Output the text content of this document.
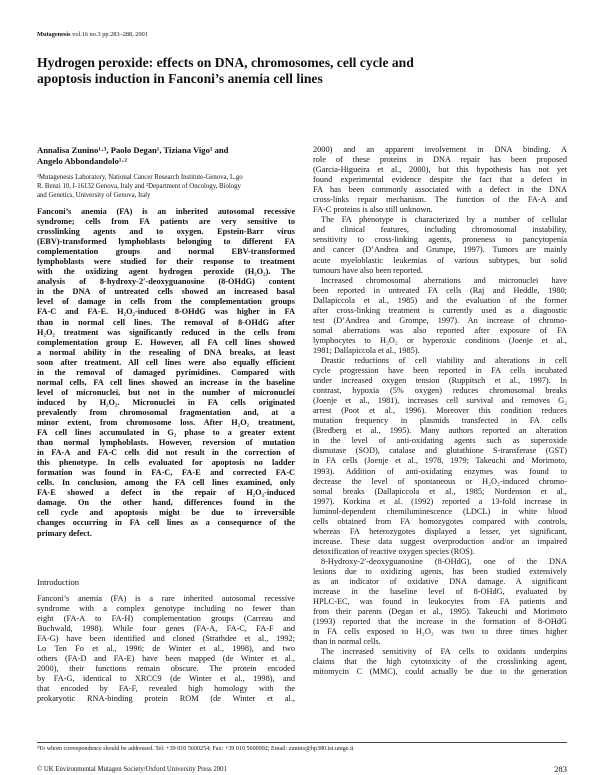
Mutagenesis vol.16 no.3 pp.283–288, 2001
Hydrogen peroxide: effects on DNA, chromosomes, cell cycle and
apoptosis induction in Fanconi’s anemia cell lines

Annalisa Zunino¹·³, Paolo Degan¹, Tiziana Vigo¹ and
Angelo Abbondandolo¹·²

¹Mutagenesis Laboratory, National Cancer Research Institute-Genova, L.go
R. Benzi 10, I-16132 Genova, Italy and ²Department of Oncology, Biology
and Genetics, University of Genova, Italy

Fanconi’s anemia (FA) is an inherited autosomal recessive
syndrome; cells from FA patients are very sensitive to
crosslinking agents and to oxygen. Epstein-Barr virus
(EBV)-transformed lymphoblasts belonging to different FA
complementation groups and normal EBV-transformed
lymphoblasts were studied for their response to treatment
with the oxidizing agent hydrogen peroxide (H₂O₂). The
analysis of 8-hydroxy-2′-deoxyguanosine (8-OHdG) content
in the DNA of untreated cells showed an increased basal
level of damage in cells from the complementation groups
FA-C and FA-E. H₂O₂-induced 8-OHdG was higher in FA
than in normal cell lines. The removal of 8-OHdG after
H₂O₂ treatment was significantly reduced in the cells from
complementation group E. However, all FA cell lines showed
a normal ability in the resealing of DNA breaks, at least
soon after treatment. All cell lines were also equally efficient
in the removal of damaged pyrimidines. Compared with
normal cells, FA cell lines showed an increase in the baseline
level of micronuclei, but not in the number of micronuclei
induced by H₂O₂. Micronuclei in FA cells originated
prevalently from chromosomal fragmentation and, at a
minor extent, from chromosome loss. After H₂O₂ treatment,
FA cell lines accumulated in G₂ phase to a greater extent
than normal lymphoblasts. However, reversion of mutation
in FA-A and FA-C cells did not result in the correction of
this phenotype. In cells evaluated for apoptosis no ladder
formation was found in FA-C, FA-E and corrected FA-C
cells. In conclusion, among the FA cell lines examined, only
FA-E showed a defect in the repair of H₂O₂-induced
damage. On the other hand, differences found in the
cell cycle and apoptosis might be due to irreversible
changes occurring in FA cell lines as a consequence of the
primary defect.

Introduction

Fanconi’s anemia (FA) is a rare inherited autosomal recessive
syndrome with a complex genotype including no fewer than
eight (FA-A to FA-H) complementation groups (Carreau and
Buchwald, 1998). While four genes (FA-A, FA-C, FA-F and
FA-G) have been identified and cloned (Strathdee et al., 1992;
Lo Ten Fo et al., 1996; de Winter et al., 1998), and two
others (FA-D and FA-E) have been mapped (de Winter et al.,
2000), their functions remain obscure. The protein encoded
by FA-G, identical to XRCC9 (de Winter et al., 1998), and
that encoded by FA-F, revealed high homology with the
prokaryotic RNA-binding protein ROM (de Winter et al.,
2000) and an apparent involvement in DNA binding. A
role of these proteins in DNA repair has been proposed
(Garcia-Higueira et al., 2000), but this hypothesis has not yet
found experimental evidence despite the fact that a defect in
FA has been commonly associated with a defect in the DNA
cross-links repair mechanism. The function of the FA-A and
FA-C proteins is also still unknown.
The FA phenotype is characterized by a number of cellular
and clinical features, including chromosomal instability,
sensitivity to cross-linking agents, proneness to pancytopenia
and cancer (D’Andrea and Grumpe, 1997). Tumors are mainly
acute myeloblastic leukemias of various subtypes, but solid
tumours have also been reported.
Increased chromosomal aberrations and micronuclei have
been reported in untreated FA cells (Raj and Heddle, 1980;
Dallapiccola et al., 1985) and the evaluation of the former
after cross-linking treatment is currently used as a diagnostic
test (D’Andrea and Grompe, 1997). An increase of chromo-
somal aberrations was also reported after exposure of FA
lymphocytes to H₂O₂ or hyperoxic conditions (Joenje et al.,
1981; Dallapiccola et al., 1985).
Drastic reductions of cell viability and alterations in cell
cycle progression have been reported in FA cells incubated
under increased oxygen tension (Ruppitsch et al., 1997). In
contrast, hypoxia (5% oxygen) reduces chromosomal breaks
(Joenje et al., 1981), increases cell survival and removes G₂
arrest (Poot et al., 1996). Moreover this condition reduces
mutation frequency in plasmids transfected in FA cells
(Bredberg et al., 1995). Many authors reported an alteration
in the level of anti-oxidating agents such as superoxide
dismutase (SOD), catalase and glutathione S-transferase (GST)
in FA cells (Joenje et al., 1978, 1979; Takeuchi and Morimoto,
1993). Addition of anti-oxidating enzymes was found to
decrease the level of spontaneous or H₂O₂-induced chromo-
somal breaks (Dallapiccola et al., 1985; Nordenson et al.,
1997). Korkina et al. (1992) reported a 13-fold increase in
luminol-dependent chemiluminescence (LDCL) in white blood
cells obtained from FA homozygotes compared with controls,
whereas FA heterozygotes displayed a lesser, yet significant,
increase. These data suggest overproduction and/or an impaired
detoxification of reactive oxygen species (ROS).
8-Hydroxy-2′-deoxyguanosine (8-OHdG), one of the DNA
lesions due to oxidizing agents, has been studied extensively
as an indicator of oxidative DNA damage. A significant
increase in the baseline level of 8-OHdG, evaluated by
HPLC-EC, was found in leukocytes from FA patients and
from their parents (Degan et al., 1995). Takeuchi and Morimoto
(1993) reported that the increase in the formation of 8-OHdG
in FA cells exposed to H₂O₂ was two to three times higher
than in normal cells.
The increased sensitivity of FA cells to oxidants underpins
claims that the high cytotoxicity of the crosslinking agent,
mitomycin C (MMC), could actually be due to the generation
³To whom correspondence should be addressed. Tel: +39 010 5600254; Fax: +39 010 5600992; Email: zunino@hp380.ist.unige.it
© UK Environmental Mutagen Society/Oxford University Press 2001	283
